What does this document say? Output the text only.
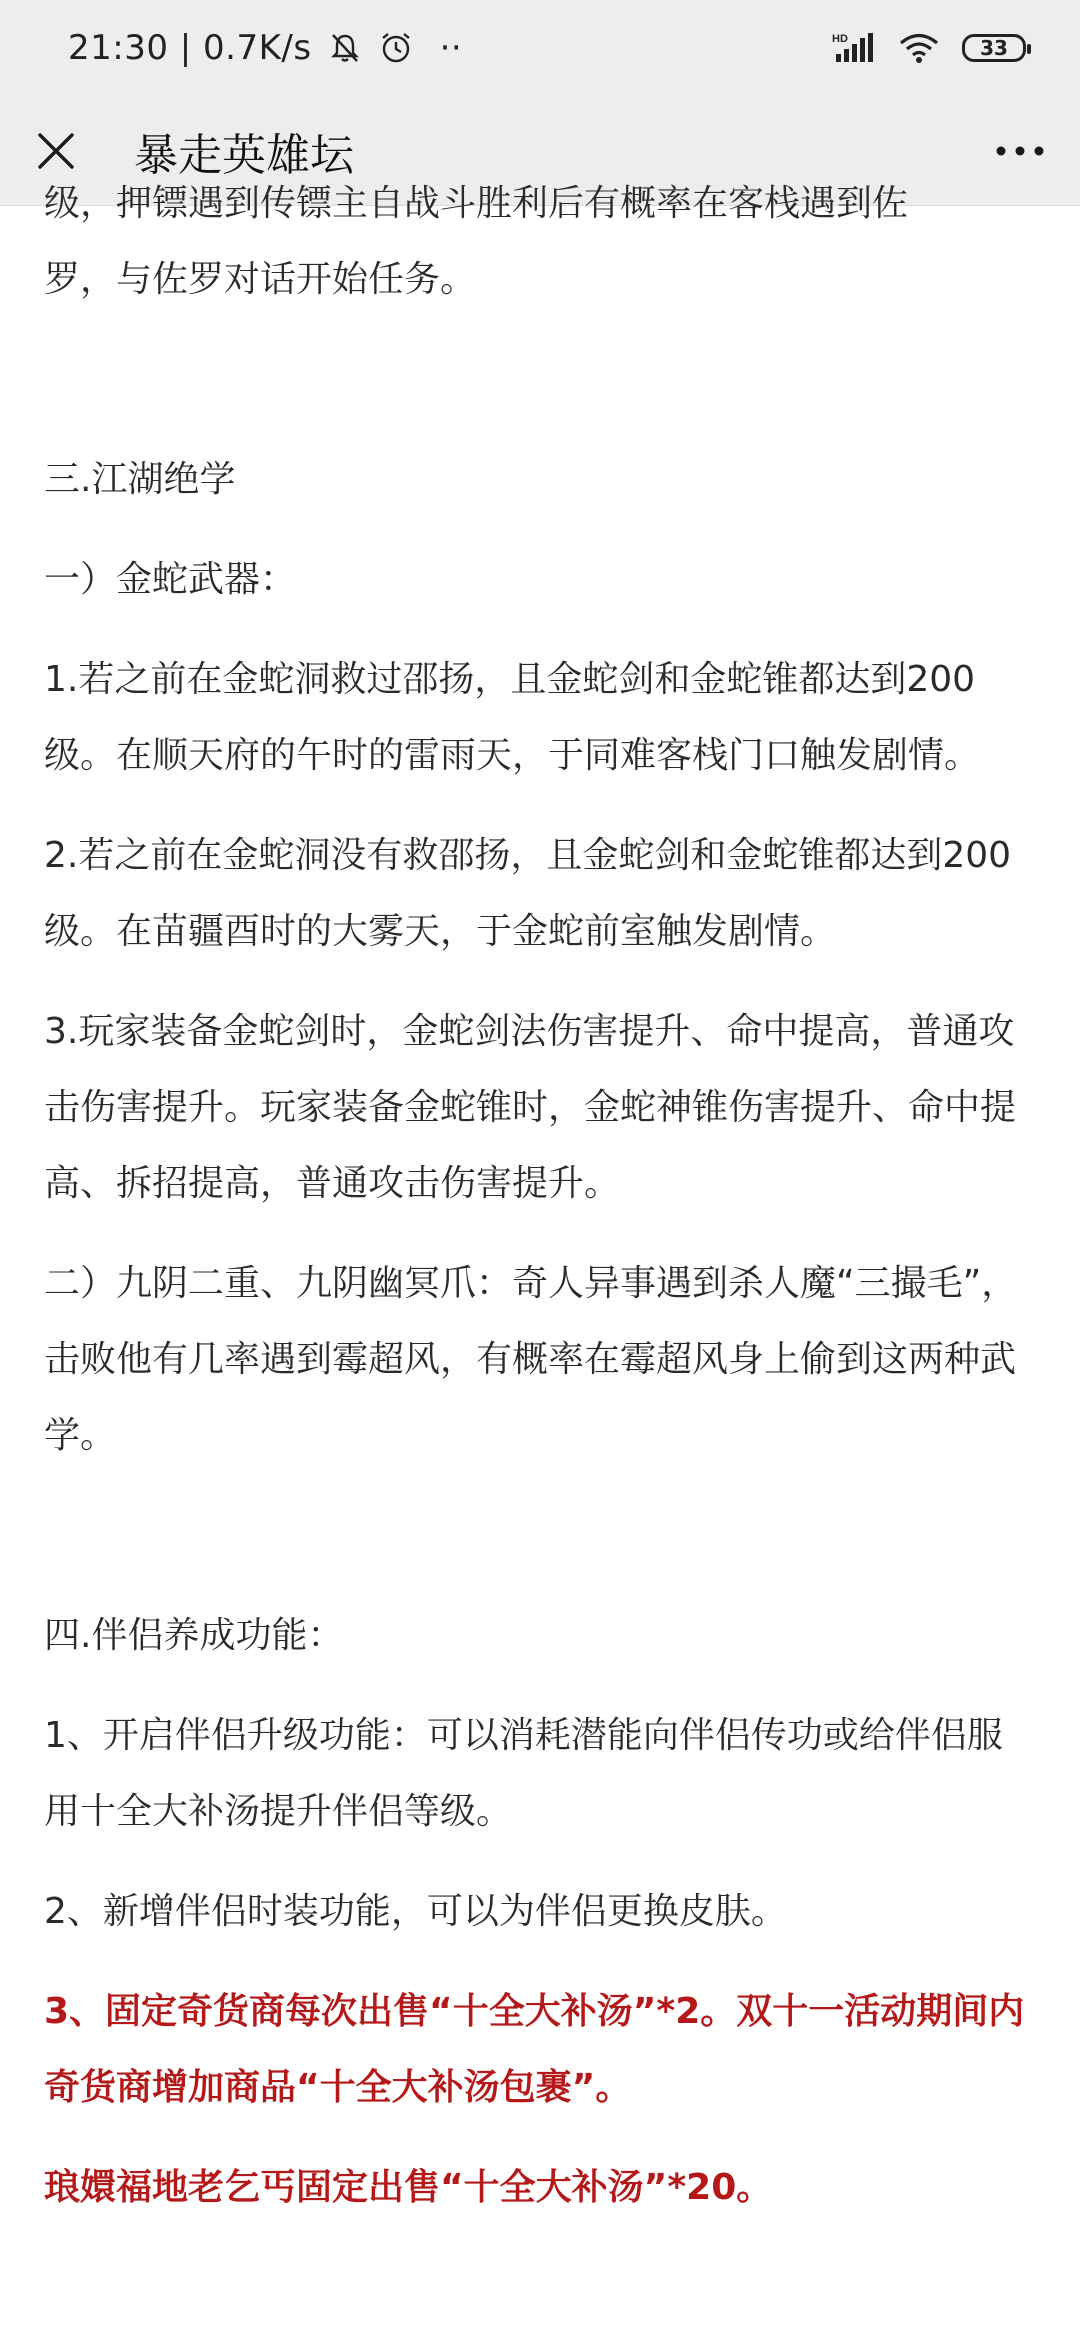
21:30 | 0.7K/s	··	HD	33
暴走英雄坛

级，押镖遇到传镖主自战斗胜利后有概率在客栈遇到佐

罗，与佐罗对话开始任务。

三.江湖绝学

一）金蛇武器：

1.若之前在金蛇洞救过邵扬，且金蛇剑和金蛇锥都达到200级。在顺天府的午时的雷雨天，于同难客栈门口触发剧情。

2.若之前在金蛇洞没有救邵扬，且金蛇剑和金蛇锥都达到200级。在苗疆酉时的大雾天，于金蛇前室触发剧情。

3.玩家装备金蛇剑时，金蛇剑法伤害提升、命中提高，普通攻击伤害提升。玩家装备金蛇锥时，金蛇神锥伤害提升、命中提高、拆招提高，普通攻击伤害提升。

二）九阴二重、九阴幽冥爪：奇人异事遇到杀人魔“三撮毛”，击败他有几率遇到霉超风，有概率在霉超风身上偷到这两种武学。

四.伴侣养成功能：

1、开启伴侣升级功能：可以消耗潜能向伴侣传功或给伴侣服用十全大补汤提升伴侣等级。

2、新增伴侣时装功能，可以为伴侣更换皮肤。

3、固定奇货商每次出售“十全大补汤”*2。双十一活动期间内奇货商增加商品“十全大补汤包裹”。

琅嬛福地老乞丐固定出售“十全大补汤”*20。
